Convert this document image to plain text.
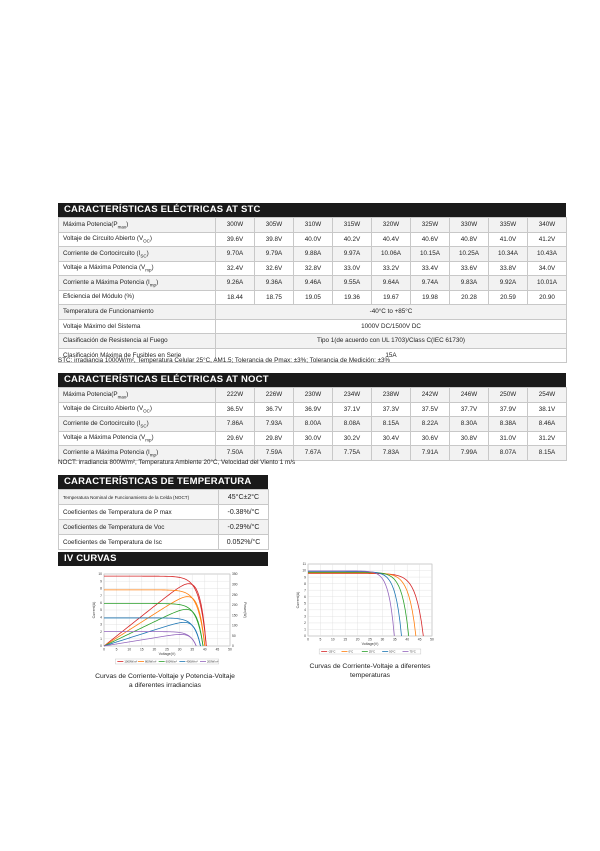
CARACTERÍSTICAS ELÉCTRICAS AT STC
Máxima $Potencia(P_{max})$	300W	305W	310W	315W	320W	325W	330W	335W	340W
Voltaje de Circuito Abierto $(V_{OC})$	39.6V	39.8V	40.0V	40.2V	40.4V	40.6V	40.8V	41.0V	41.2V
Corriente de Cortocircuito $(I_{SC})$	9.70A	9.79A	9.88A	9.97A	10.06A	10.15A	10.25A	10.34A	10.43A
Voltaje a Máxima Potencia $(V_{mp})$	32.4V	32.6V	32.8V	33.0V	33.2V	33.4V	33.6V	33.8V	34.0V
Corriente a Máxima Potencia $(I_{mp})$	9.26A	9.36A	9.46A	9.55A	9.64A	9.74A	9.83A	9.92A	10.01A
Eficiencia del Módulo (%)	18.44	18.75	19.05	19.36	19.67	19.98	20.28	20.59	20.90
Temperatura de Funcionamiento	-40°C to +85°C								
Voltaje Máximo del Sistema	1000V DC/1500V DC								
Clasificación de Resistencia al Fuego	Tipo 1(de acuerdo con UL 1703)/Class C(IEC 61730)								
Clasificación Máxima de Fusibles en Serie	15A								
STC: irradiancia 1000W/m², Temperatura Celular 25°C, AM1.5; Tolerancia de Pmax: ±3%; Tolerancia de Medición: ±3%
CARACTERÍSTICAS ELÉCTRICAS AT NOCT
Máxima $Potencia(P_{max})$	222W	226W	230W	234W	238W	242W	246W	250W	254W
Voltaje de Circuito Abierto $(V_{OC})$	36.5V	36.7V	36.9V	37.1V	37.3V	37.5V	37.7V	37.9V	38.1V
Corriente de Cortocircuito $(I_{SC})$	7.86A	7.93A	8.00A	8.08A	8.15A	8.22A	8.30A	8.38A	8.46A
Voltaje a Máxima Potencia $(V_{mp})$	29.6V	29.8V	30.0V	30.2V	30.4V	30.6V	30.8V	31.0V	31.2V
Corriente a Máxima Potencia $(I_{mp})$	7.50A	7.59A	7.67A	7.75A	7.83A	7.91A	7.99A	8.07A	8.15A
NOCT: irradiancia 800W/m², Temperatura Ambiente 20°C, Velocidad del Viento 1 m/s
CARACTERÍSTICAS DE TEMPERATURA
Temperatura Nominal de Funcionamiento de la Celda (NOCT)	45°C±2°C
Coeficientes de Temperatura de P max	-0.38%/°C
Coeficientes de Temperatura de Voc	-0.29%/°C
Coeficientes de Temperatura de Isc	0.052%/°C
IV CURVAS
0	5	10	15	20	25	30	35	40	45	50
0
1
2
3
4
5
6
7
8
9
10
0
50
100
150
200
250
300
350
Power(W)
Voltage(V)
Current(A)
1000W/m²	800W/m²	600W/m²	400W/m²	200W/m²
Curvas de Corriente-Voltaje y Potencia-Voltaje
a diferentes irradiancias
0	5	10	15	20	25	30	35	40	45	50
0
1
2
3
4
5
6
7
8
9
10
11
Voltage(V)
Current(A)
-25°C	0°C	25°C	50°C	75°C
Curvas de Corriente-Voltaje a diferentes
temperaturas
